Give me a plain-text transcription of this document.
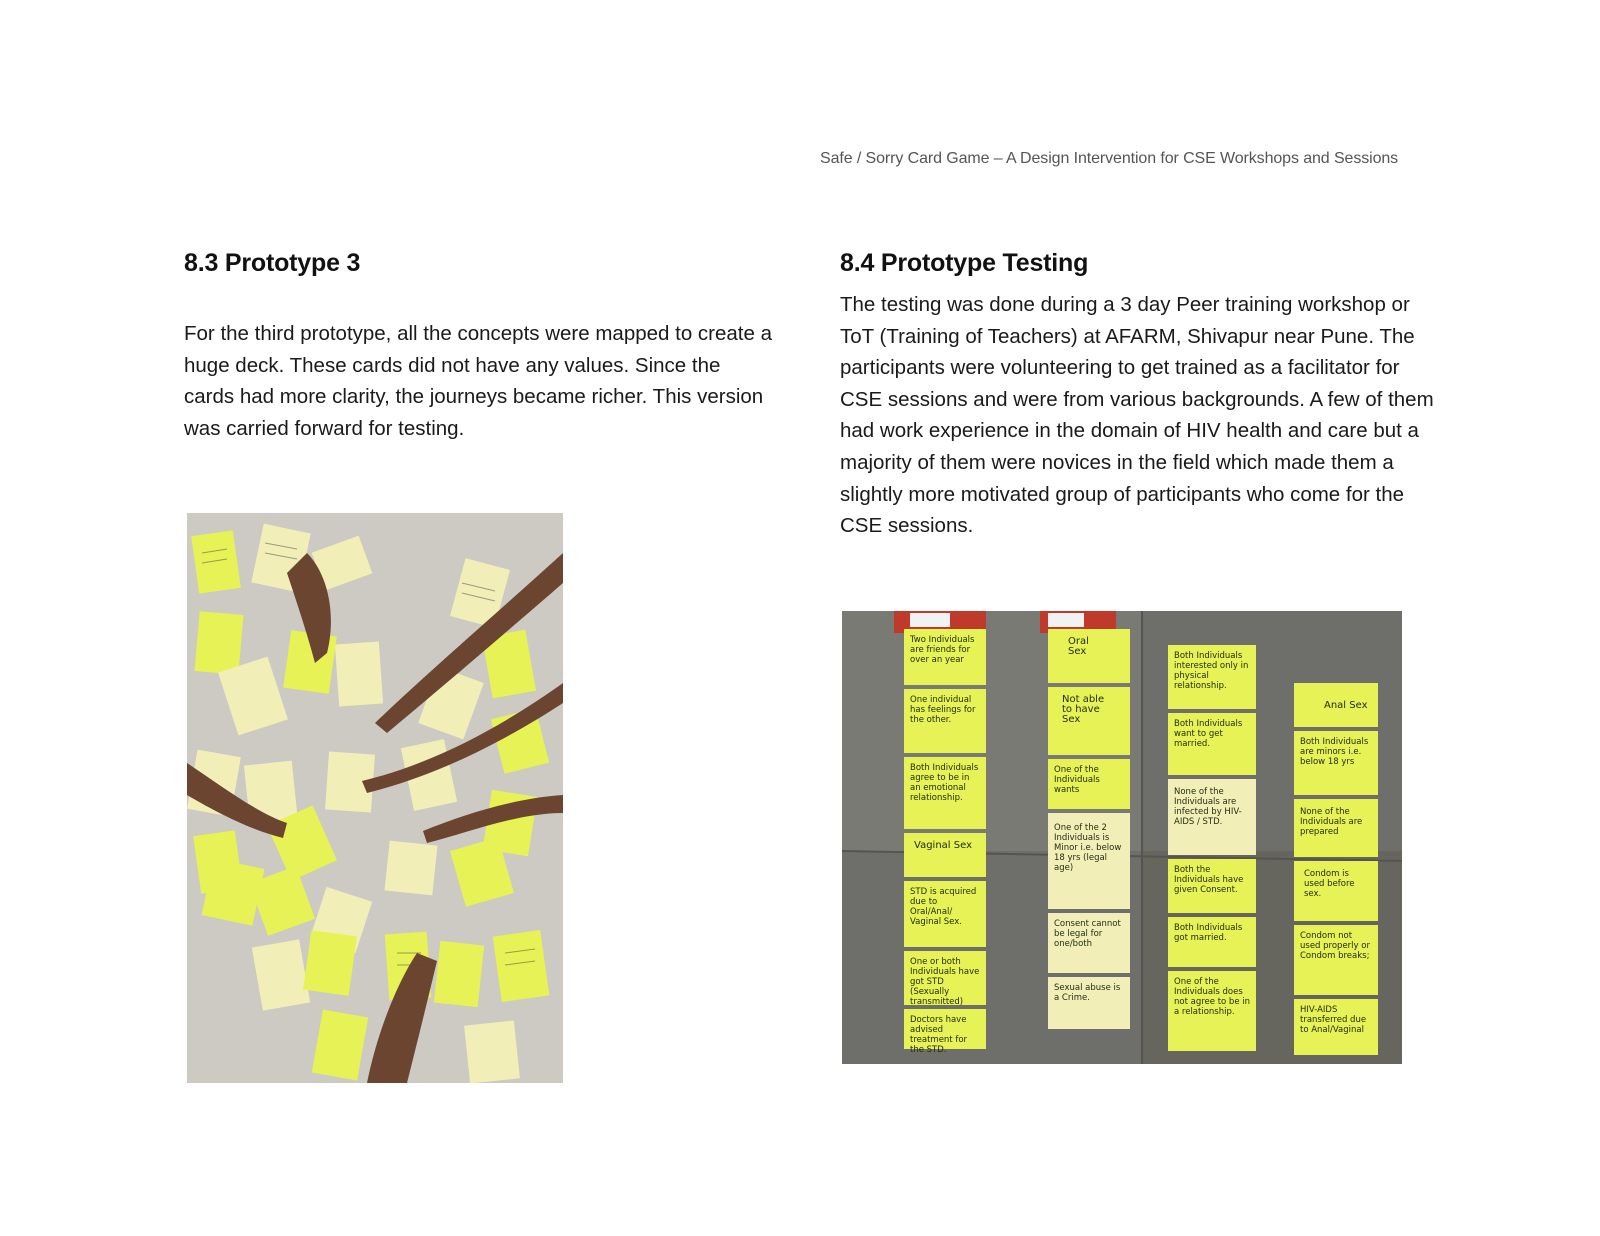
Safe / Sorry Card Game – A Design Intervention for CSE Workshops and Sessions
8.3 Prototype 3

For the third prototype, all the concepts were mapped to create a huge deck. These cards did not have any values. Since the cards had more clarity, the journeys became richer. This version was carried forward for testing.

8.4 Prototype Testing

The testing was done during a 3 day Peer training workshop or ToT (Training of Teachers) at AFARM, Shivapur near Pune. The participants were volunteering to get trained as a facilitator for CSE sessions and were from various backgrounds. A few of them had work experience in the domain of HIV health and care but a majority of them were novices in the field which made them a slightly more motivated group of participants who come for the CSE sessions.

Two Individuals are friends for over an year
One individual has feelings for the other.
Both Individuals agree to be in an emotional relationship.
Vaginal Sex
STD is acquired due to Oral/Anal/ Vaginal Sex.
One or both Individuals have got STD (Sexually transmitted)
Doctors have advised treatment for the STD.
Oral Sex
Not able to have Sex
One of the Individuals wants
One of the 2 Individuals is Minor i.e. below 18 yrs (legal age)
Consent cannot be legal for one/both
Sexual abuse is a Crime.
Both Individuals interested only in physical relationship.
Both Individuals want to get married.
None of the Individuals are infected by HIV-AIDS / STD.
Both the Individuals have given Consent.
Both Individuals got married.
One of the Individuals does not agree to be in a relationship.
Anal Sex
Both Individuals are minors i.e. below 18 yrs
None of the Individuals are prepared
Condom is used before sex.
Condom not used properly or Condom breaks;
HIV-AIDS transferred due to Anal/Vaginal
